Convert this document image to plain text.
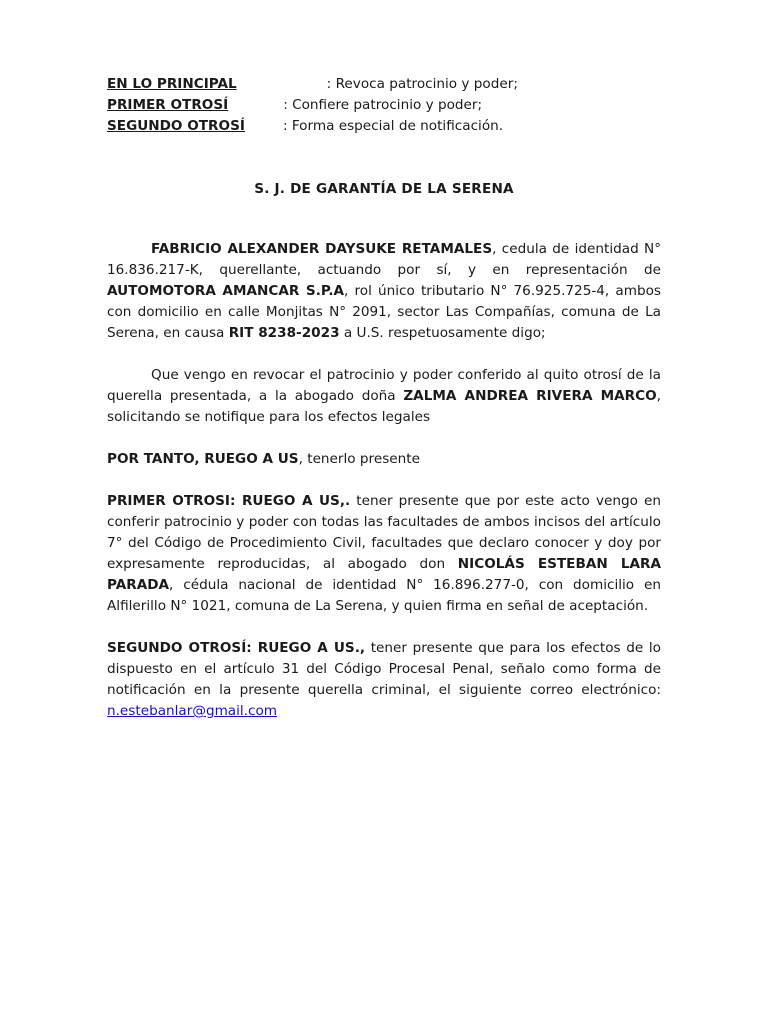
EN LO PRINCIPAL	: Revoca patrocinio y poder;
PRIMER OTROSÍ	: Confiere patrocinio y poder;
SEGUNDO OTROSÍ	: Forma especial de notificación.
S. J. DE GARANTÍA DE LA SERENA

FABRICIO ALEXANDER DAYSUKE RETAMALES, cedula de identidad N° 16.836.217-K, querellante, actuando por sí, y en representación de AUTOMOTORA AMANCAR S.P.A, rol único tributario N° 76.925.725-4, ambos con domicilio en calle Monjitas N° 2091, sector Las Compañías, comuna de La Serena, en causa RIT 8238-2023 a U.S. respetuosamente digo;

Que vengo en revocar el patrocinio y poder conferido al quito otrosí de la querella presentada, a la abogado doña ZALMA ANDREA RIVERA MARCO, solicitando se notifique para los efectos legales

POR TANTO, RUEGO A US, tenerlo presente

PRIMER OTROSI: RUEGO A US,. tener presente que por este acto vengo en conferir patrocinio y poder con todas las facultades de ambos incisos del artículo 7° del Código de Procedimiento Civil, facultades que declaro conocer y doy por expresamente reproducidas, al abogado don NICOLÁS ESTEBAN LARA PARADA, cédula nacional de identidad N° 16.896.277-0, con domicilio en Alfilerillo N° 1021, comuna de La Serena, y quien firma en señal de aceptación.

SEGUNDO OTROSÍ: RUEGO A US., tener presente que para los efectos de lo dispuesto en el artículo 31 del Código Procesal Penal, señalo como forma de notificación en la presente querella criminal, el siguiente correo electrónico: n.estebanlar@gmail.com
